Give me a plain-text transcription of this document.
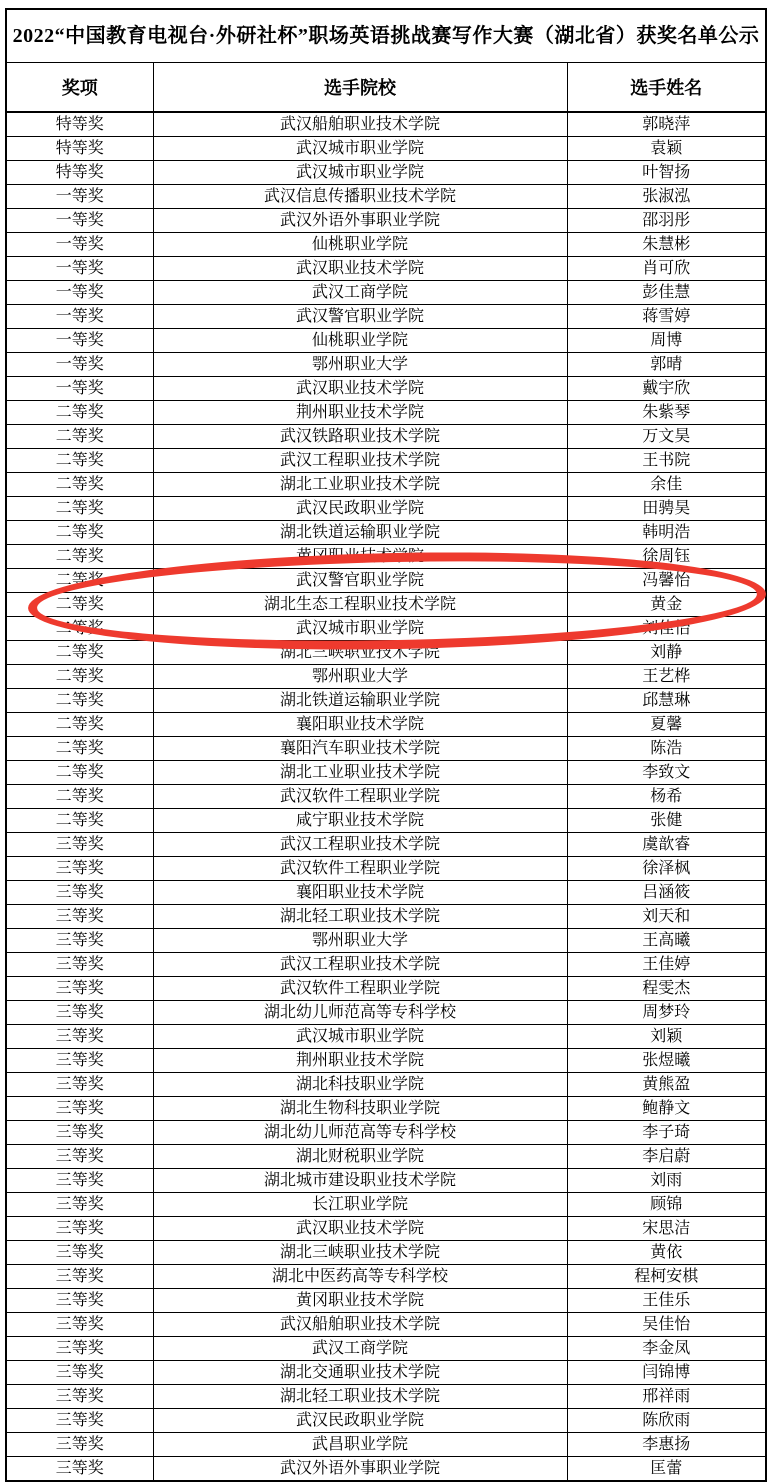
2022“中国教育电视台·外研社杯”职场英语挑战赛写作大赛（湖北省）获奖名单公示		
奖项	选手院校	选手姓名
特等奖	武汉船舶职业技术学院	郭晓萍
特等奖	武汉城市职业学院	袁颖
特等奖	武汉城市职业学院	叶智扬
一等奖	武汉信息传播职业技术学院	张淑泓
一等奖	武汉外语外事职业学院	邵羽彤
一等奖	仙桃职业学院	朱慧彬
一等奖	武汉职业技术学院	肖可欣
一等奖	武汉工商学院	彭佳慧
一等奖	武汉警官职业学院	蒋雪婷
一等奖	仙桃职业学院	周博
一等奖	鄂州职业大学	郭晴
一等奖	武汉职业技术学院	戴宇欣
二等奖	荆州职业技术学院	朱紫琴
二等奖	武汉铁路职业技术学院	万文昊
二等奖	武汉工程职业技术学院	王书院
二等奖	湖北工业职业技术学院	余佳
二等奖	武汉民政职业学院	田骋昊
二等奖	湖北铁道运输职业学院	韩明浩
二等奖	黄冈职业技术学院	徐周钰
二等奖	武汉警官职业学院	冯馨怡
二等奖	湖北生态工程职业技术学院	黄金
二等奖	武汉城市职业学院	刘佳怡
二等奖	湖北三峡职业技术学院	刘静
二等奖	鄂州职业大学	王艺桦
二等奖	湖北铁道运输职业学院	邱慧琳
二等奖	襄阳职业技术学院	夏馨
二等奖	襄阳汽车职业技术学院	陈浩
二等奖	湖北工业职业技术学院	李致文
二等奖	武汉软件工程职业学院	杨希
二等奖	咸宁职业技术学院	张健
三等奖	武汉工程职业技术学院	虞歆睿
三等奖	武汉软件工程职业学院	徐泽枫
三等奖	襄阳职业技术学院	吕涵筱
三等奖	湖北轻工职业技术学院	刘天和
三等奖	鄂州职业大学	王高曦
三等奖	武汉工程职业技术学院	王佳婷
三等奖	武汉软件工程职业学院	程雯杰
三等奖	湖北幼儿师范高等专科学校	周梦玲
三等奖	武汉城市职业学院	刘颖
三等奖	荆州职业技术学院	张煜曦
三等奖	湖北科技职业学院	黄熊盈
三等奖	湖北生物科技职业学院	鲍静文
三等奖	湖北幼儿师范高等专科学校	李子琦
三等奖	湖北财税职业学院	李启蔚
三等奖	湖北城市建设职业技术学院	刘雨
三等奖	长江职业学院	顾锦
三等奖	武汉职业技术学院	宋思洁
三等奖	湖北三峡职业技术学院	黄依
三等奖	湖北中医药高等专科学校	程柯安棋
三等奖	黄冈职业技术学院	王佳乐
三等奖	武汉船舶职业技术学院	吴佳怡
三等奖	武汉工商学院	李金凤
三等奖	湖北交通职业技术学院	闫锦博
三等奖	湖北轻工职业技术学院	邢祥雨
三等奖	武汉民政职业学院	陈欣雨
三等奖	武昌职业学院	李惠扬
三等奖	武汉外语外事职业学院	匡蕾
